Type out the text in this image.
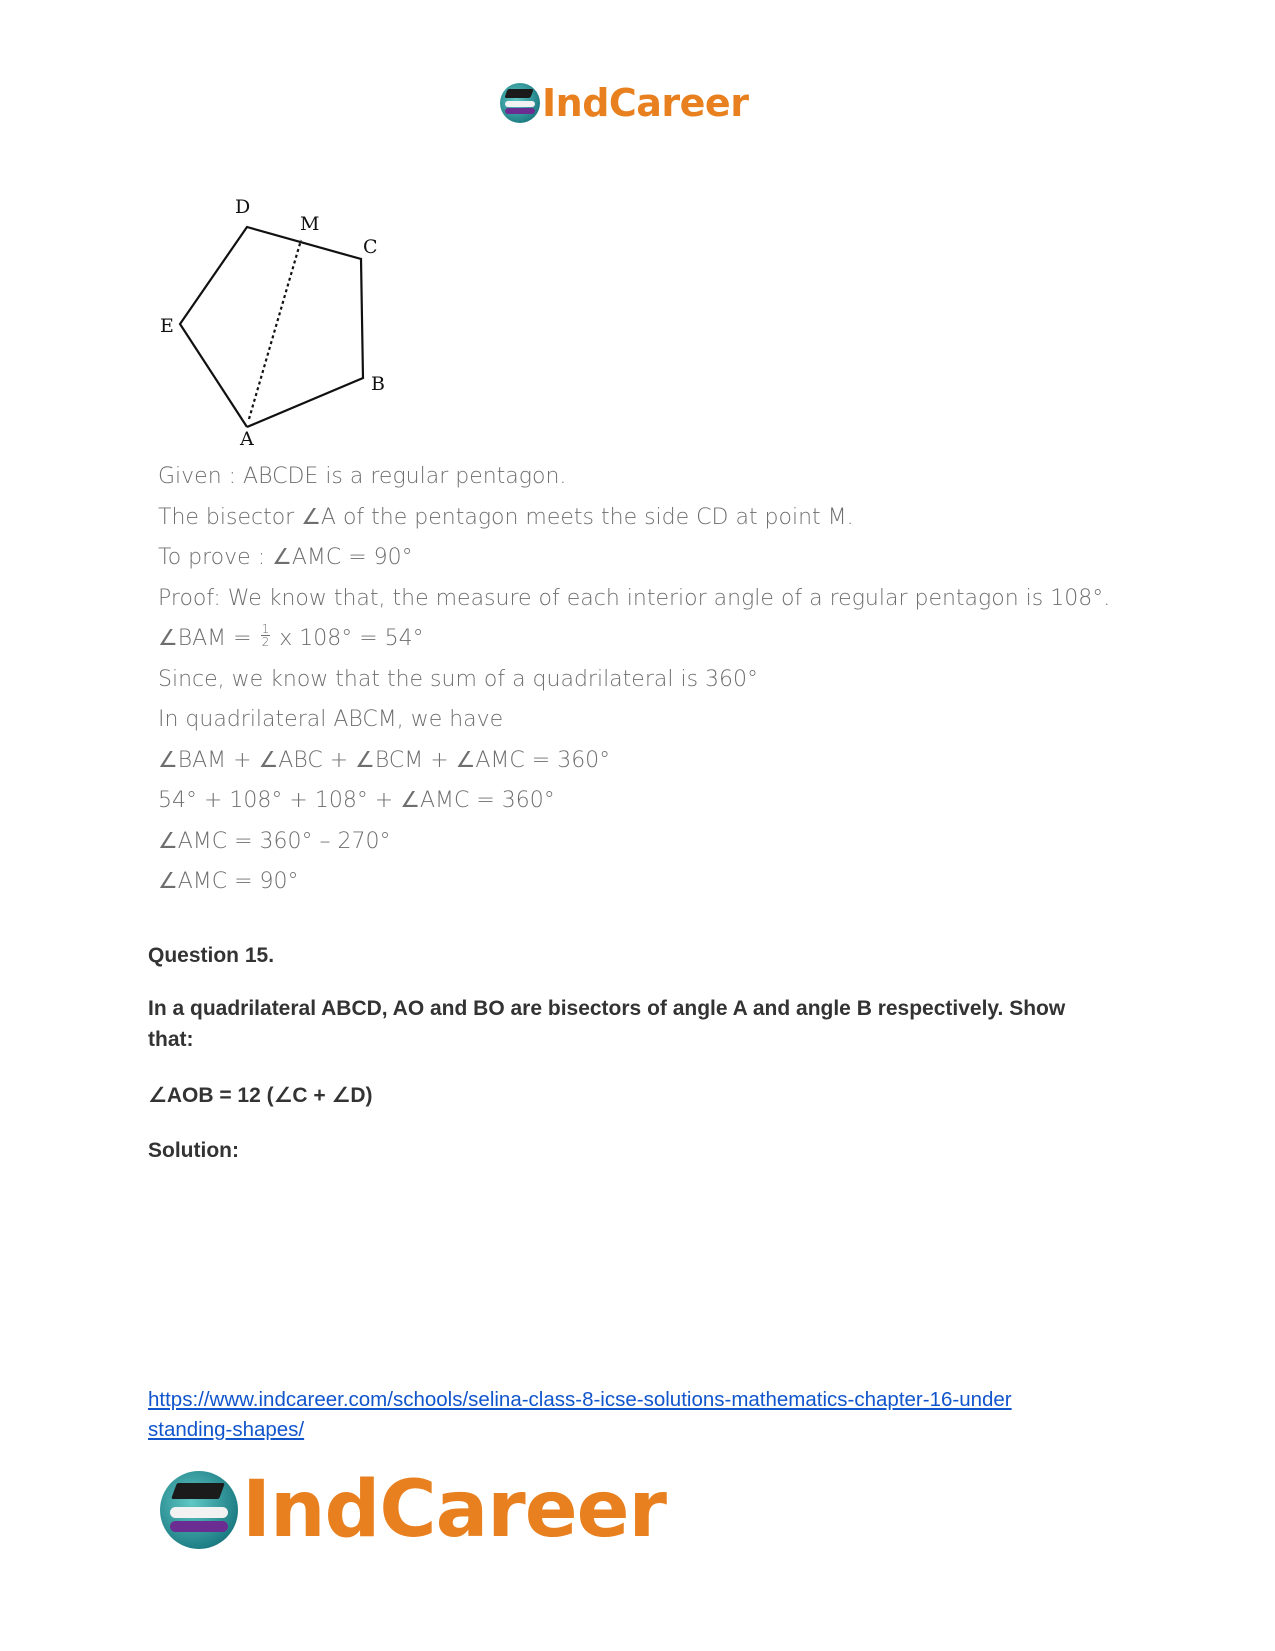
IndCareer
D
M
C
E
B
A
Given : ABCDE is a regular pentagon.
The bisector ∠A of the pentagon meets the side CD at point M.
To prove : ∠AMC = 90°
Proof: We know that, the measure of each interior angle of a regular pentagon is 108°.
∠BAM = $\frac{1}{2}$ x 108° = 54°
Since, we know that the sum of a quadrilateral is 360°
In quadrilateral ABCM, we have
∠BAM + ∠ABC + ∠BCM + ∠AMC = 360°
54° + 108° + 108° + ∠AMC = 360°
∠AMC = 360° – 270°
∠AMC = 90°
Question 15.
In a quadrilateral ABCD, AO and BO are bisectors of angle A and angle B respectively. Show that:
∠AOB = 12 (∠C + ∠D)
Solution:
https://www.indcareer.com/schools/selina-class-8-icse-solutions-mathematics-chapter-16-under
standing-shapes/
IndCareer
